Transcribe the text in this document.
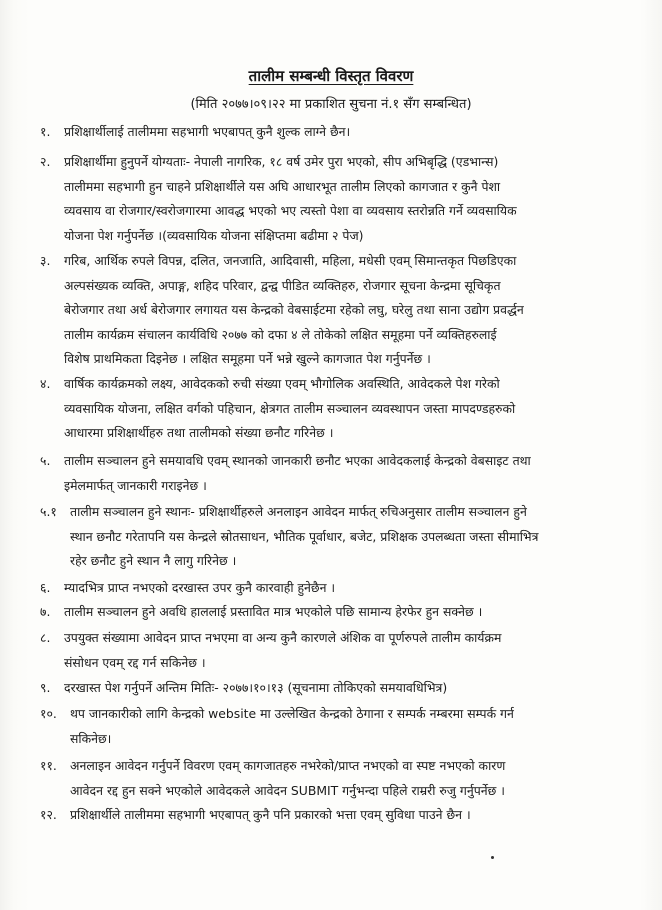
तालीम सम्बन्धी विस्तृत विवरण
(मिति २०७७।०९।२२ मा प्रकाशित सुचना नं.१ सँग सम्बन्धित)
१.	प्रशिक्षार्थीलाई तालीममा सहभागी भएबापत् कुनै शुल्क लाग्ने छैन।
२.	प्रशिक्षार्थीमा हुनुपर्ने योग्यताः- नेपाली नागरिक, १८ वर्ष उमेर पुरा भएको, सीप अभिबृद्धि (एडभान्स)
तालीममा सहभागी हुन चाहने प्रशिक्षार्थीले यस अघि आधारभूत तालीम लिएको कागजात र कुनै पेशा
व्यवसाय वा रोजगार/स्वरोजगारमा आवद्ध भएको भए त्यस्तो पेशा वा व्यवसाय स्तरोन्नति गर्ने व्यवसायिक
योजना पेश गर्नुपर्नेछ ।(व्यवसायिक योजना संक्षिप्तमा बढीमा २ पेज)
३.	गरिब, आर्थिक रुपले विपन्न, दलित, जनजाति, आदिवासी, महिला, मधेसी एवम् सिमान्तकृत पिछडिएका
अल्पसंख्यक व्यक्ति, अपाङ्ग, शहिद परिवार, द्वन्द्व पीडित व्यक्तिहरु, रोजगार सूचना केन्द्रमा सूचिकृत
बेरोजगार तथा अर्ध बेरोजगार लगायत यस केन्द्रको वेबसाईटमा रहेको लघु, घरेलु तथा साना उद्योग प्रवर्द्धन
तालीम कार्यक्रम संचालन कार्यविधि २०७७ को दफा ४ ले तोकेको लक्षित समूहमा पर्ने व्यक्तिहरुलाई
विशेष प्राथमिकता दिइनेछ । लक्षित समूहमा पर्ने भन्ने खुल्ने कागजात पेश गर्नुपर्नेछ ।
४.	वार्षिक कार्यक्रमको लक्ष्य, आवेदकको रुची संख्या एवम् भौगोलिक अवस्थिति, आवेदकले पेश गरेको
व्यवसायिक योजना, लक्षित वर्गको पहिचान, क्षेत्रगत तालीम सञ्चालन व्यवस्थापन जस्ता मापदण्डहरुको
आधारमा प्रशिक्षार्थीहरु तथा तालीमको संख्या छनौट गरिनेछ ।
५.	तालीम सञ्चालन हुने समयावधि एवम् स्थानको जानकारी छनौट भएका आवेदकलाई केन्द्रको वेबसाइट तथा
इमेलमार्फत् जानकारी गराइनेछ ।
५.१	तालीम सञ्चालन हुने स्थानः- प्रशिक्षार्थीहरुले अनलाइन आवेदन मार्फत् रुचिअनुसार तालीम सञ्चालन हुने
स्थान छनौट गरेतापनि यस केन्द्रले स्रोतसाधन, भौतिक पूर्वाधार, बजेट, प्रशिक्षक उपलब्धता जस्ता सीमाभित्र
रहेर छनौट हुने स्थान नै लागु गरिनेछ ।
६.	म्यादभित्र प्राप्त नभएको दरखास्त उपर कुनै कारवाही हुनेछैन ।
७.	तालीम सञ्चालन हुने अवधि हाललाई प्रस्तावित मात्र भएकोले पछि सामान्य हेरफेर हुन सक्नेछ ।
८.	उपयुक्त संख्यामा आवेदन प्राप्त नभएमा वा अन्य कुनै कारणले अंशिक वा पूर्णरुपले तालीम कार्यक्रम
संसोधन एवम् रद्द गर्न सकिनेछ ।
९.	दरखास्त पेश गर्नुपर्ने अन्तिम मितिः- २०७७।१०।१३ (सूचनामा तोकिएको समयावधिभित्र)
१०.	थप जानकारीको लागि केन्द्रको website मा उल्लेखित केन्द्रको ठेगाना र सम्पर्क नम्बरमा सम्पर्क गर्न
सकिनेछ।
११.	अनलाइन आवेदन गर्नुपर्ने विवरण एवम् कागजातहरु नभरेको/प्राप्त नभएको वा स्पष्ट नभएको कारण
आवेदन रद्द हुन सक्ने भएकोले आवेदकले आवेदन SUBMIT गर्नुभन्दा पहिले राम्ररी रुजु गर्नुपर्नेछ ।
१२.	प्रशिक्षार्थीले तालीममा सहभागी भएबापत् कुनै पनि प्रकारको भत्ता एवम् सुविधा पाउने छैन ।
